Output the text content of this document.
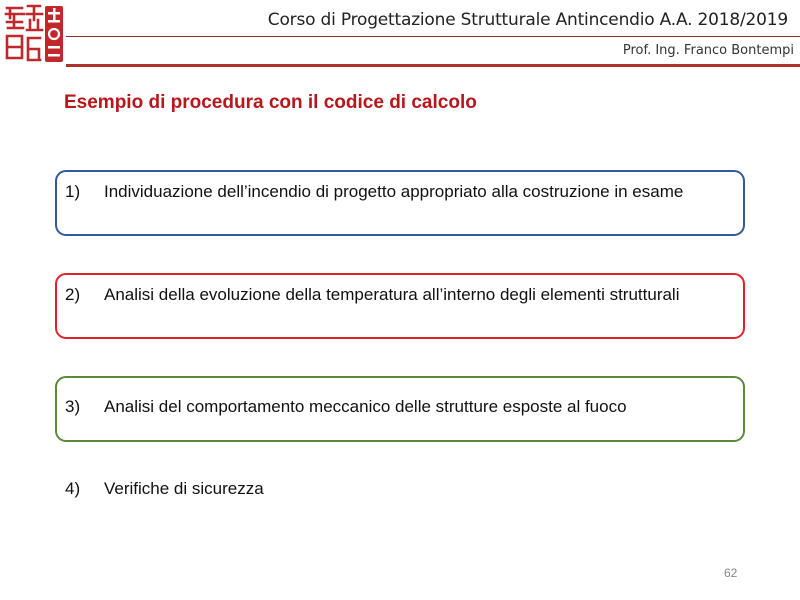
Corso di Progettazione Strutturale Antincendio A.A. 2018/2019
Prof. Ing. Franco Bontempi
Esempio di procedura con il codice di calcolo
1) Individuazione dell’incendio di progetto appropriato alla costruzione in esame
2) Analisi della evoluzione della temperatura all’interno degli elementi strutturali
3) Analisi del comportamento meccanico delle strutture esposte al fuoco
4) Verifiche di sicurezza
62
